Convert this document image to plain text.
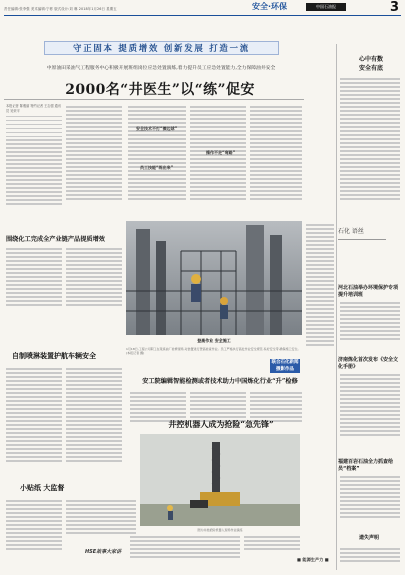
责任编辑:张李强 美术编辑:宁彬 版式设计:刘 琳 2018年1月26日 星期五	安全·环保	中国石油报	3
守正固本 提质增效 创新发展 打造一流
中原油田采油气工程服务中心积极开展班组岗位应急处置演练,着力提升员工应急处置能力,全力保障油井安全
2000名“井医生”以“练”促安
本报记者 陈雅丽 特约记者 王志强 通讯员 吴荣平
安全技术不打“擦边球”
员工技能“练出来”
操作不走“弯路”
围绕化工完成全产业链产品提质增效
自制喷淋装置护航车辆安全
小贴纸 大监督
HSE故事大家讲
登高作业 安全施工
1月18日,工程公司职工在某炼油厂检修现场,对装置进行登高检查作业。员工严格执行高处作业安全规范,系好安全带,确保施工安全。(本报记者 摄)
联合石化新闻摄影作品
安工院编辑智能检测或者技术助力中国炼化行业“升”检修
井控机器人成为抢险“急先锋”
图为井控抢险机器人现场作业演练
■ 能源生产力 ■
心中有数
安全有底
石化 语丝
河北石油举办环境保护专项提升培训班
济南炼化首次发布《安全文化手册》
福建百岩石油全力抓查给员“档案”
遗失声明
